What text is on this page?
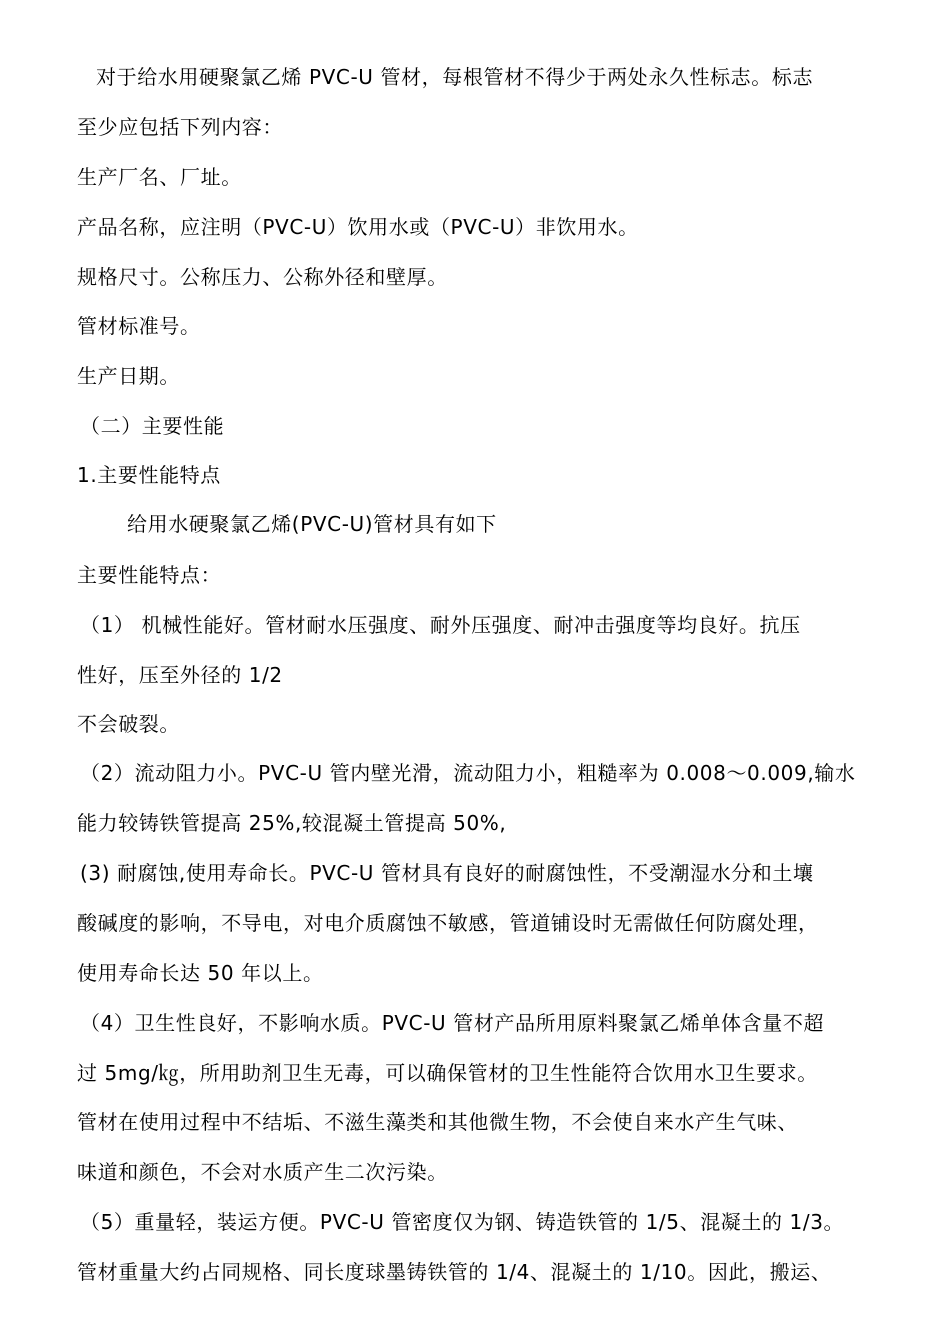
对于给水用硬聚氯乙烯 PVC-U 管材，每根管材不得少于两处永久性标志。标志
至少应包括下列内容：
生产厂名、厂址。
产品名称，应注明（PVC-U）饮用水或（PVC-U）非饮用水。
规格尺寸。公称压力、公称外径和壁厚。
管材标准号。
生产日期。
（二）主要性能
1.主要性能特点
给用水硬聚氯乙烯(PVC-U)管材具有如下
主要性能特点：
（1） 机械性能好。管材耐水压强度、耐外压强度、耐冲击强度等均良好。抗压
性好，压至外径的 1/2
不会破裂。
（2）流动阻力小。PVC-U 管内壁光滑，流动阻力小，粗糙率为 0.008～0.009,输水
能力较铸铁管提高 25%,较混凝土管提高 50%,
(3) 耐腐蚀,使用寿命长。PVC-U 管材具有良好的耐腐蚀性，不受潮湿水分和土壤
酸碱度的影响，不导电，对电介质腐蚀不敏感，管道铺设时无需做任何防腐处理，
使用寿命长达 50 年以上。
（4）卫生性良好，不影响水质。PVC-U 管材产品所用原料聚氯乙烯单体含量不超
过 5mg/㎏，所用助剂卫生无毒，可以确保管材的卫生性能符合饮用水卫生要求。
管材在使用过程中不结垢、不滋生藻类和其他微生物，不会使自来水产生气味、
味道和颜色，不会对水质产生二次污染。
（5）重量轻，装运方便。PVC-U 管密度仅为钢、铸造铁管的 1/5、混凝土的 1/3。
管材重量大约占同规格、同长度球墨铸铁管的 1/4、混凝土的 1/10。因此，搬运、
